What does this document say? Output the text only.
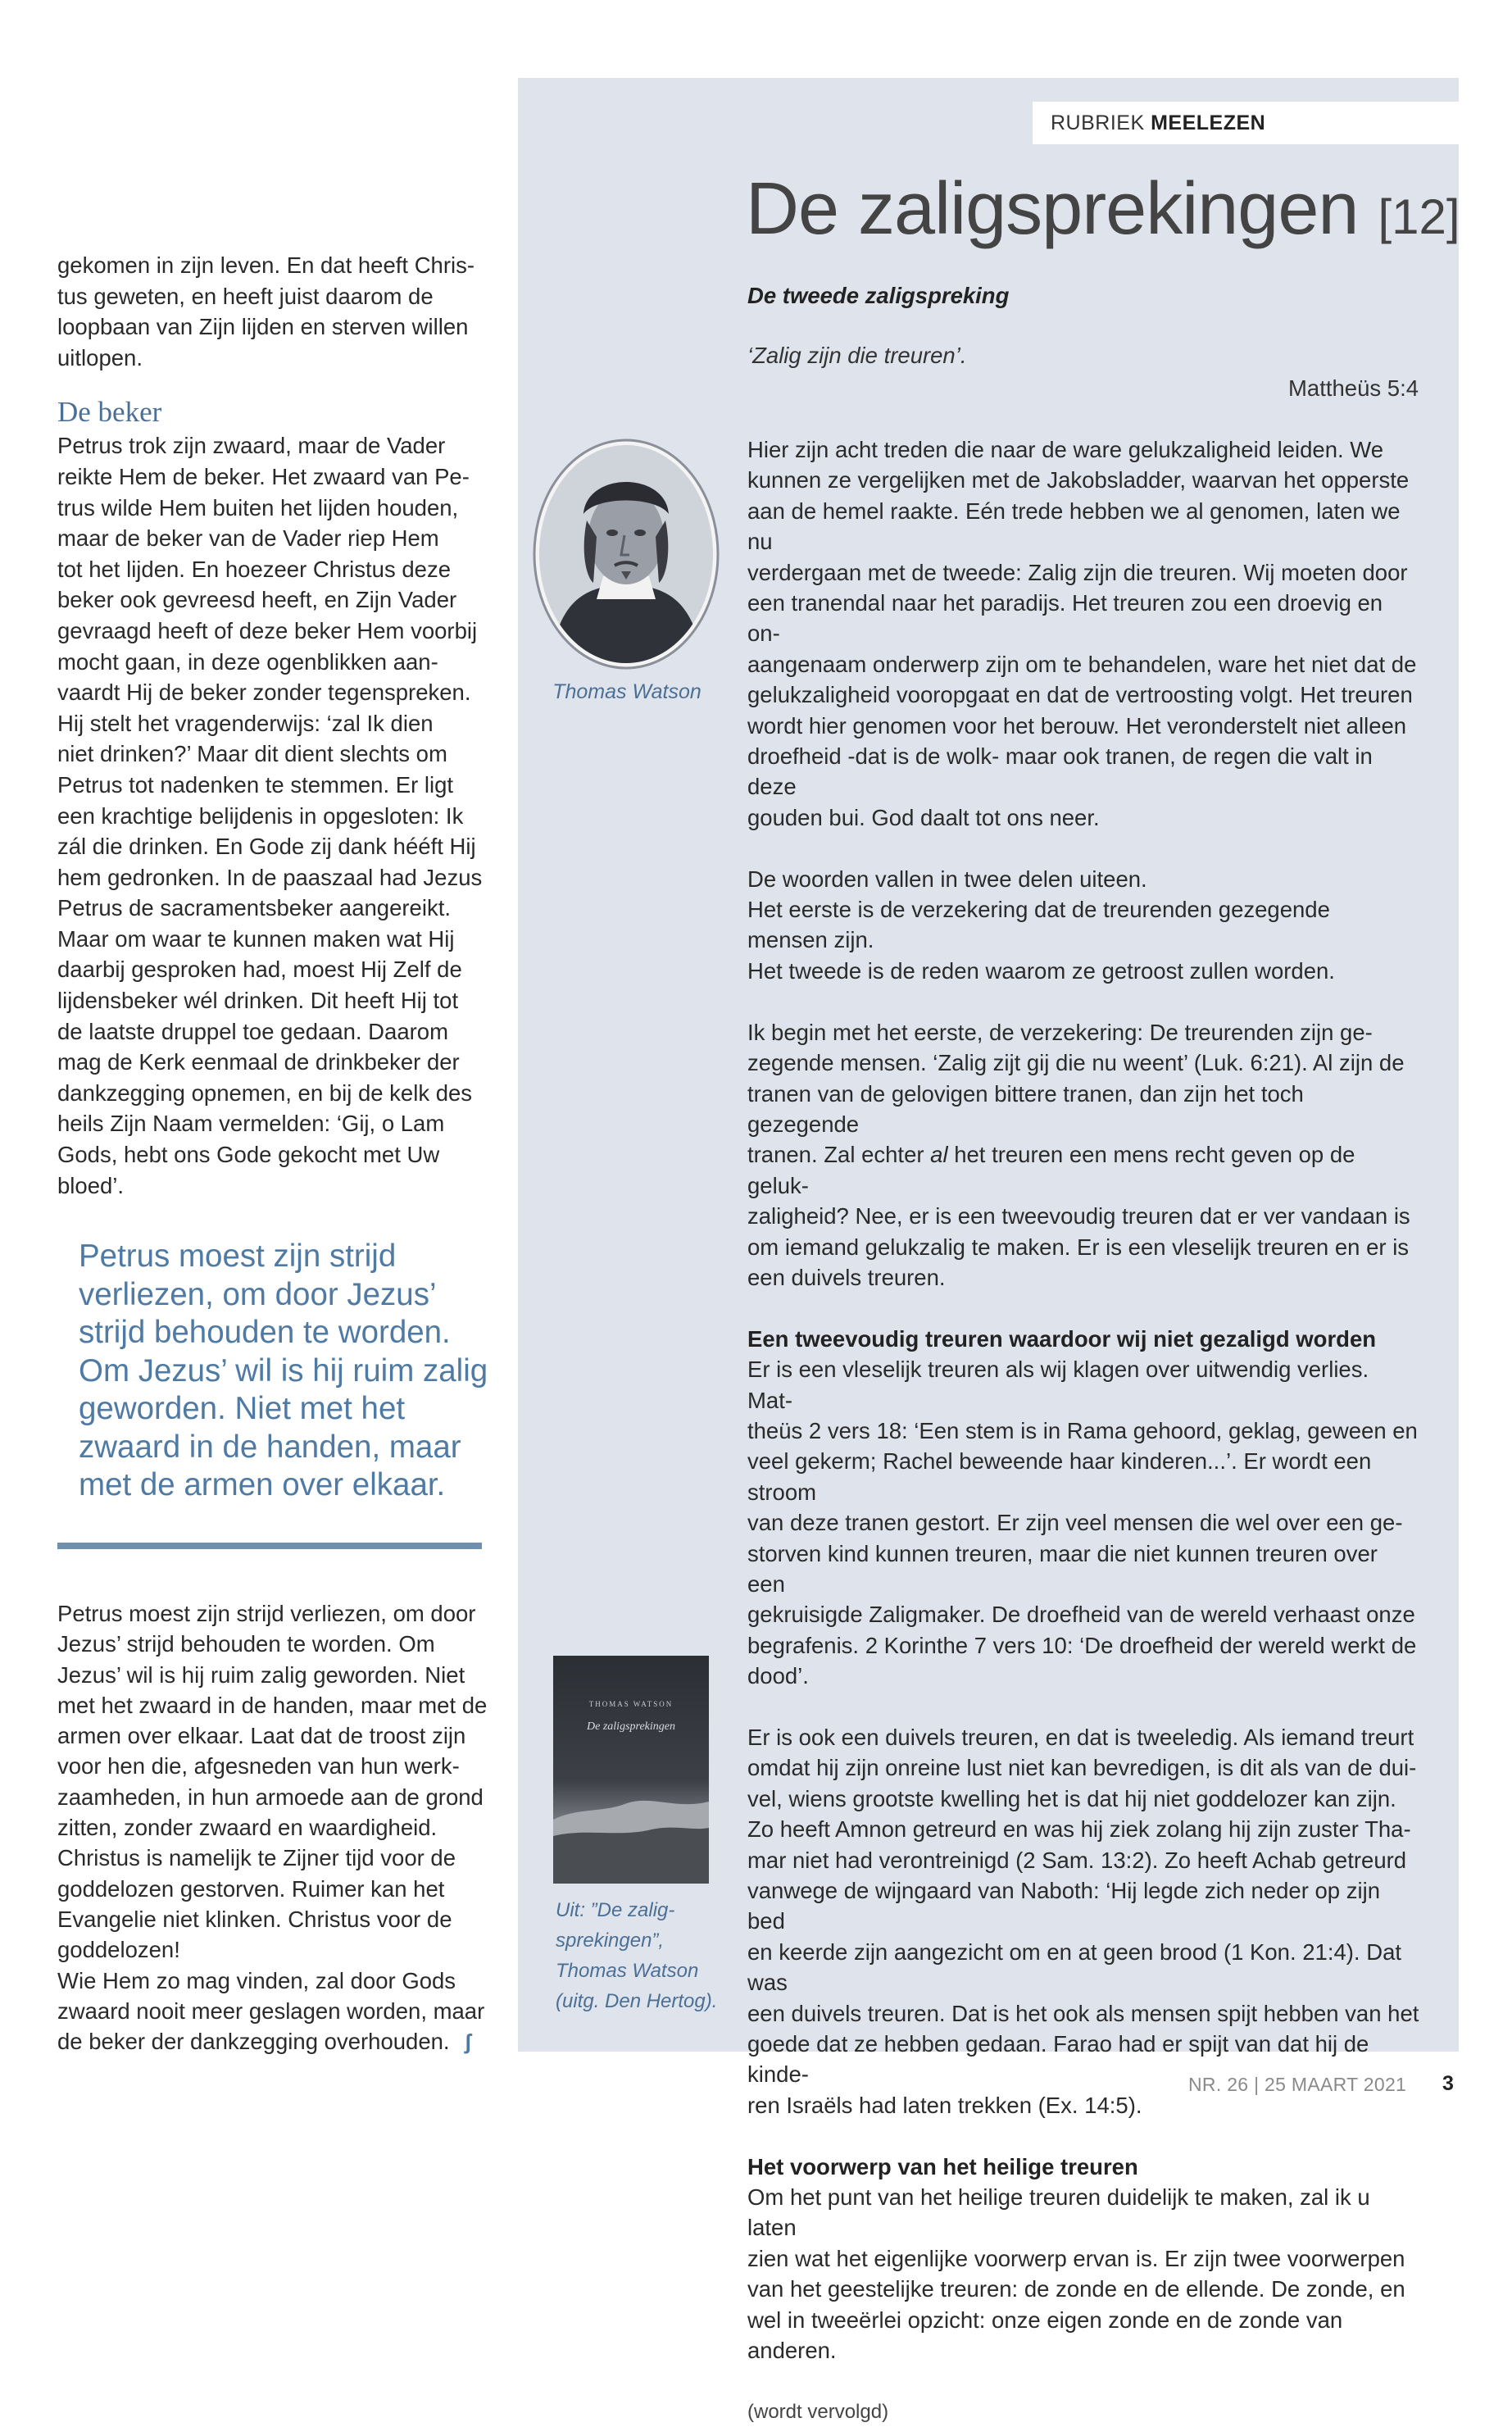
gekomen in zijn leven. En dat heeft Chris-
tus geweten, en heeft juist daarom de
loopbaan van Zijn lijden en sterven willen
uitlopen.
De beker
Petrus trok zijn zwaard, maar de Vader
reikte Hem de beker. Het zwaard van Pe-
trus wilde Hem buiten het lijden houden,
maar de beker van de Vader riep Hem
tot het lijden. En hoezeer Christus deze
beker ook gevreesd heeft, en Zijn Vader
gevraagd heeft of deze beker Hem voorbij
mocht gaan, in deze ogenblikken aan-
vaardt Hij de beker zonder tegenspreken.
Hij stelt het vragenderwijs: ‘zal Ik dien
niet drinken?’ Maar dit dient slechts om
Petrus tot nadenken te stemmen. Er ligt
een krachtige belijdenis in opgesloten: Ik
zál die drinken. En Gode zij dank hééft Hij
hem gedronken. In de paaszaal had Jezus
Petrus de sacramentsbeker aangereikt.
Maar om waar te kunnen maken wat Hij
daarbij gesproken had, moest Hij Zelf de
lijdensbeker wél drinken. Dit heeft Hij tot
de laatste druppel toe gedaan. Daarom
mag de Kerk eenmaal de drinkbeker der
dankzegging opnemen, en bij de kelk des
heils Zijn Naam vermelden: ‘Gij, o Lam
Gods, hebt ons Gode gekocht met Uw
bloed’.
Petrus moest zijn strijd
verliezen, om door Jezus’
strijd behouden te worden.
Om Jezus’ wil is hij ruim zalig
geworden. Niet met het
zwaard in de handen, maar
met de armen over elkaar.
Petrus moest zijn strijd verliezen, om door
Jezus’ strijd behouden te worden. Om
Jezus’ wil is hij ruim zalig geworden. Niet
met het zwaard in de handen, maar met de
armen over elkaar. Laat dat de troost zijn
voor hen die, afgesneden van hun werk-
zaamheden, in hun armoede aan de grond
zitten, zonder zwaard en waardigheid.
Christus is namelijk te Zijner tijd voor de
goddelozen gestorven. Ruimer kan het
Evangelie niet klinken. Christus voor de
goddelozen!
Wie Hem zo mag vinden, zal door Gods
zwaard nooit meer geslagen worden, maar
de beker der dankzegging overhouden. ʃ
RUBRIEK MEELEZEN
De zaligsprekingen [12]
De tweede zaligspreking
‘Zalig zijn die treuren’.
Mattheüs 5:4
Thomas Watson

Hier zijn acht treden die naar de ware gelukzaligheid leiden. We
kunnen ze vergelijken met de Jakobsladder, waarvan het opperste
aan de hemel raakte. Eén trede hebben we al genomen, laten we nu
verdergaan met de tweede: Zalig zijn die treuren. Wij moeten door
een tranendal naar het paradijs. Het treuren zou een droevig en on-
aangenaam onderwerp zijn om te behandelen, ware het niet dat de
gelukzaligheid vooropgaat en dat de vertroosting volgt. Het treuren
wordt hier genomen voor het berouw. Het veronderstelt niet alleen
droefheid -dat is de wolk- maar ook tranen, de regen die valt in deze
gouden bui. God daalt tot ons neer.

De woorden vallen in twee delen uiteen.
Het eerste is de verzekering dat de treurenden gezegende
mensen zijn.
Het tweede is de reden waarom ze getroost zullen worden.

Ik begin met het eerste, de verzekering: De treurenden zijn ge-
zegende mensen. ‘Zalig zijt gij die nu weent’ (Luk. 6:21). Al zijn de
tranen van de gelovigen bittere tranen, dan zijn het toch gezegende
tranen. Zal echter al het treuren een mens recht geven op de geluk-
zaligheid? Nee, er is een tweevoudig treuren dat er ver vandaan is
om iemand gelukzalig te maken. Er is een vleselijk treuren en er is
een duivels treuren.

Een tweevoudig treuren waardoor wij niet gezaligd worden
Er is een vleselijk treuren als wij klagen over uitwendig verlies. Mat-
theüs 2 vers 18: ‘Een stem is in Rama gehoord, geklag, geween en
veel gekerm; Rachel beweende haar kinderen...’. Er wordt een stroom
van deze tranen gestort. Er zijn veel mensen die wel over een ge-
storven kind kunnen treuren, maar die niet kunnen treuren over een
gekruisigde Zaligmaker. De droefheid van de wereld verhaast onze
begrafenis. 2 Korinthe 7 vers 10: ‘De droefheid der wereld werkt de
dood’.

Er is ook een duivels treuren, en dat is tweeledig. Als iemand treurt
omdat hij zijn onreine lust niet kan bevredigen, is dit als van de dui-
vel, wiens grootste kwelling het is dat hij niet goddelozer kan zijn.
Zo heeft Amnon getreurd en was hij ziek zolang hij zijn zuster Tha-
mar niet had verontreinigd (2 Sam. 13:2). Zo heeft Achab getreurd
vanwege de wijngaard van Naboth: ‘Hij legde zich neder op zijn bed
en keerde zijn aangezicht om en at geen brood (1 Kon. 21:4). Dat was
een duivels treuren. Dat is het ook als mensen spijt hebben van het
goede dat ze hebben gedaan. Farao had er spijt van dat hij de kinde-
ren Israëls had laten trekken (Ex. 14:5).

Het voorwerp van het heilige treuren
Om het punt van het heilige treuren duidelijk te maken, zal ik u laten
zien wat het eigenlijke voorwerp ervan is. Er zijn twee voorwerpen
van het geestelijke treuren: de zonde en de ellende. De zonde, en
wel in tweeërlei opzicht: onze eigen zonde en de zonde van anderen.

(wordt vervolgd)

THOMAS WATSON
De zaligsprekingen
Uit: ”De zalig-
sprekingen”,
Thomas Watson
(uitg. Den Hertog).
NR. 26 | 25 MAART 2021 3
